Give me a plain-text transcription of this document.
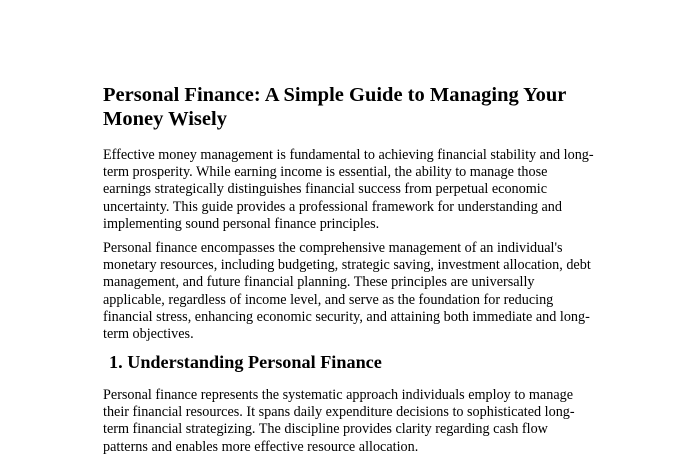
Personal Finance: A Simple Guide to Managing Your Money Wisely

Effective money management is fundamental to achieving financial stability and long-
term prosperity. While earning income is essential, the ability to manage those
earnings strategically distinguishes financial success from perpetual economic
uncertainty. This guide provides a professional framework for understanding and
implementing sound personal finance principles.

Personal finance encompasses the comprehensive management of an individual's
monetary resources, including budgeting, strategic saving, investment allocation, debt
management, and future financial planning. These principles are universally
applicable, regardless of income level, and serve as the foundation for reducing
financial stress, enhancing economic security, and attaining both immediate and long-
term objectives.

1. Understanding Personal Finance

Personal finance represents the systematic approach individuals employ to manage
their financial resources. It spans daily expenditure decisions to sophisticated long-
term financial strategizing. The discipline provides clarity regarding cash flow
patterns and enables more effective resource allocation.
